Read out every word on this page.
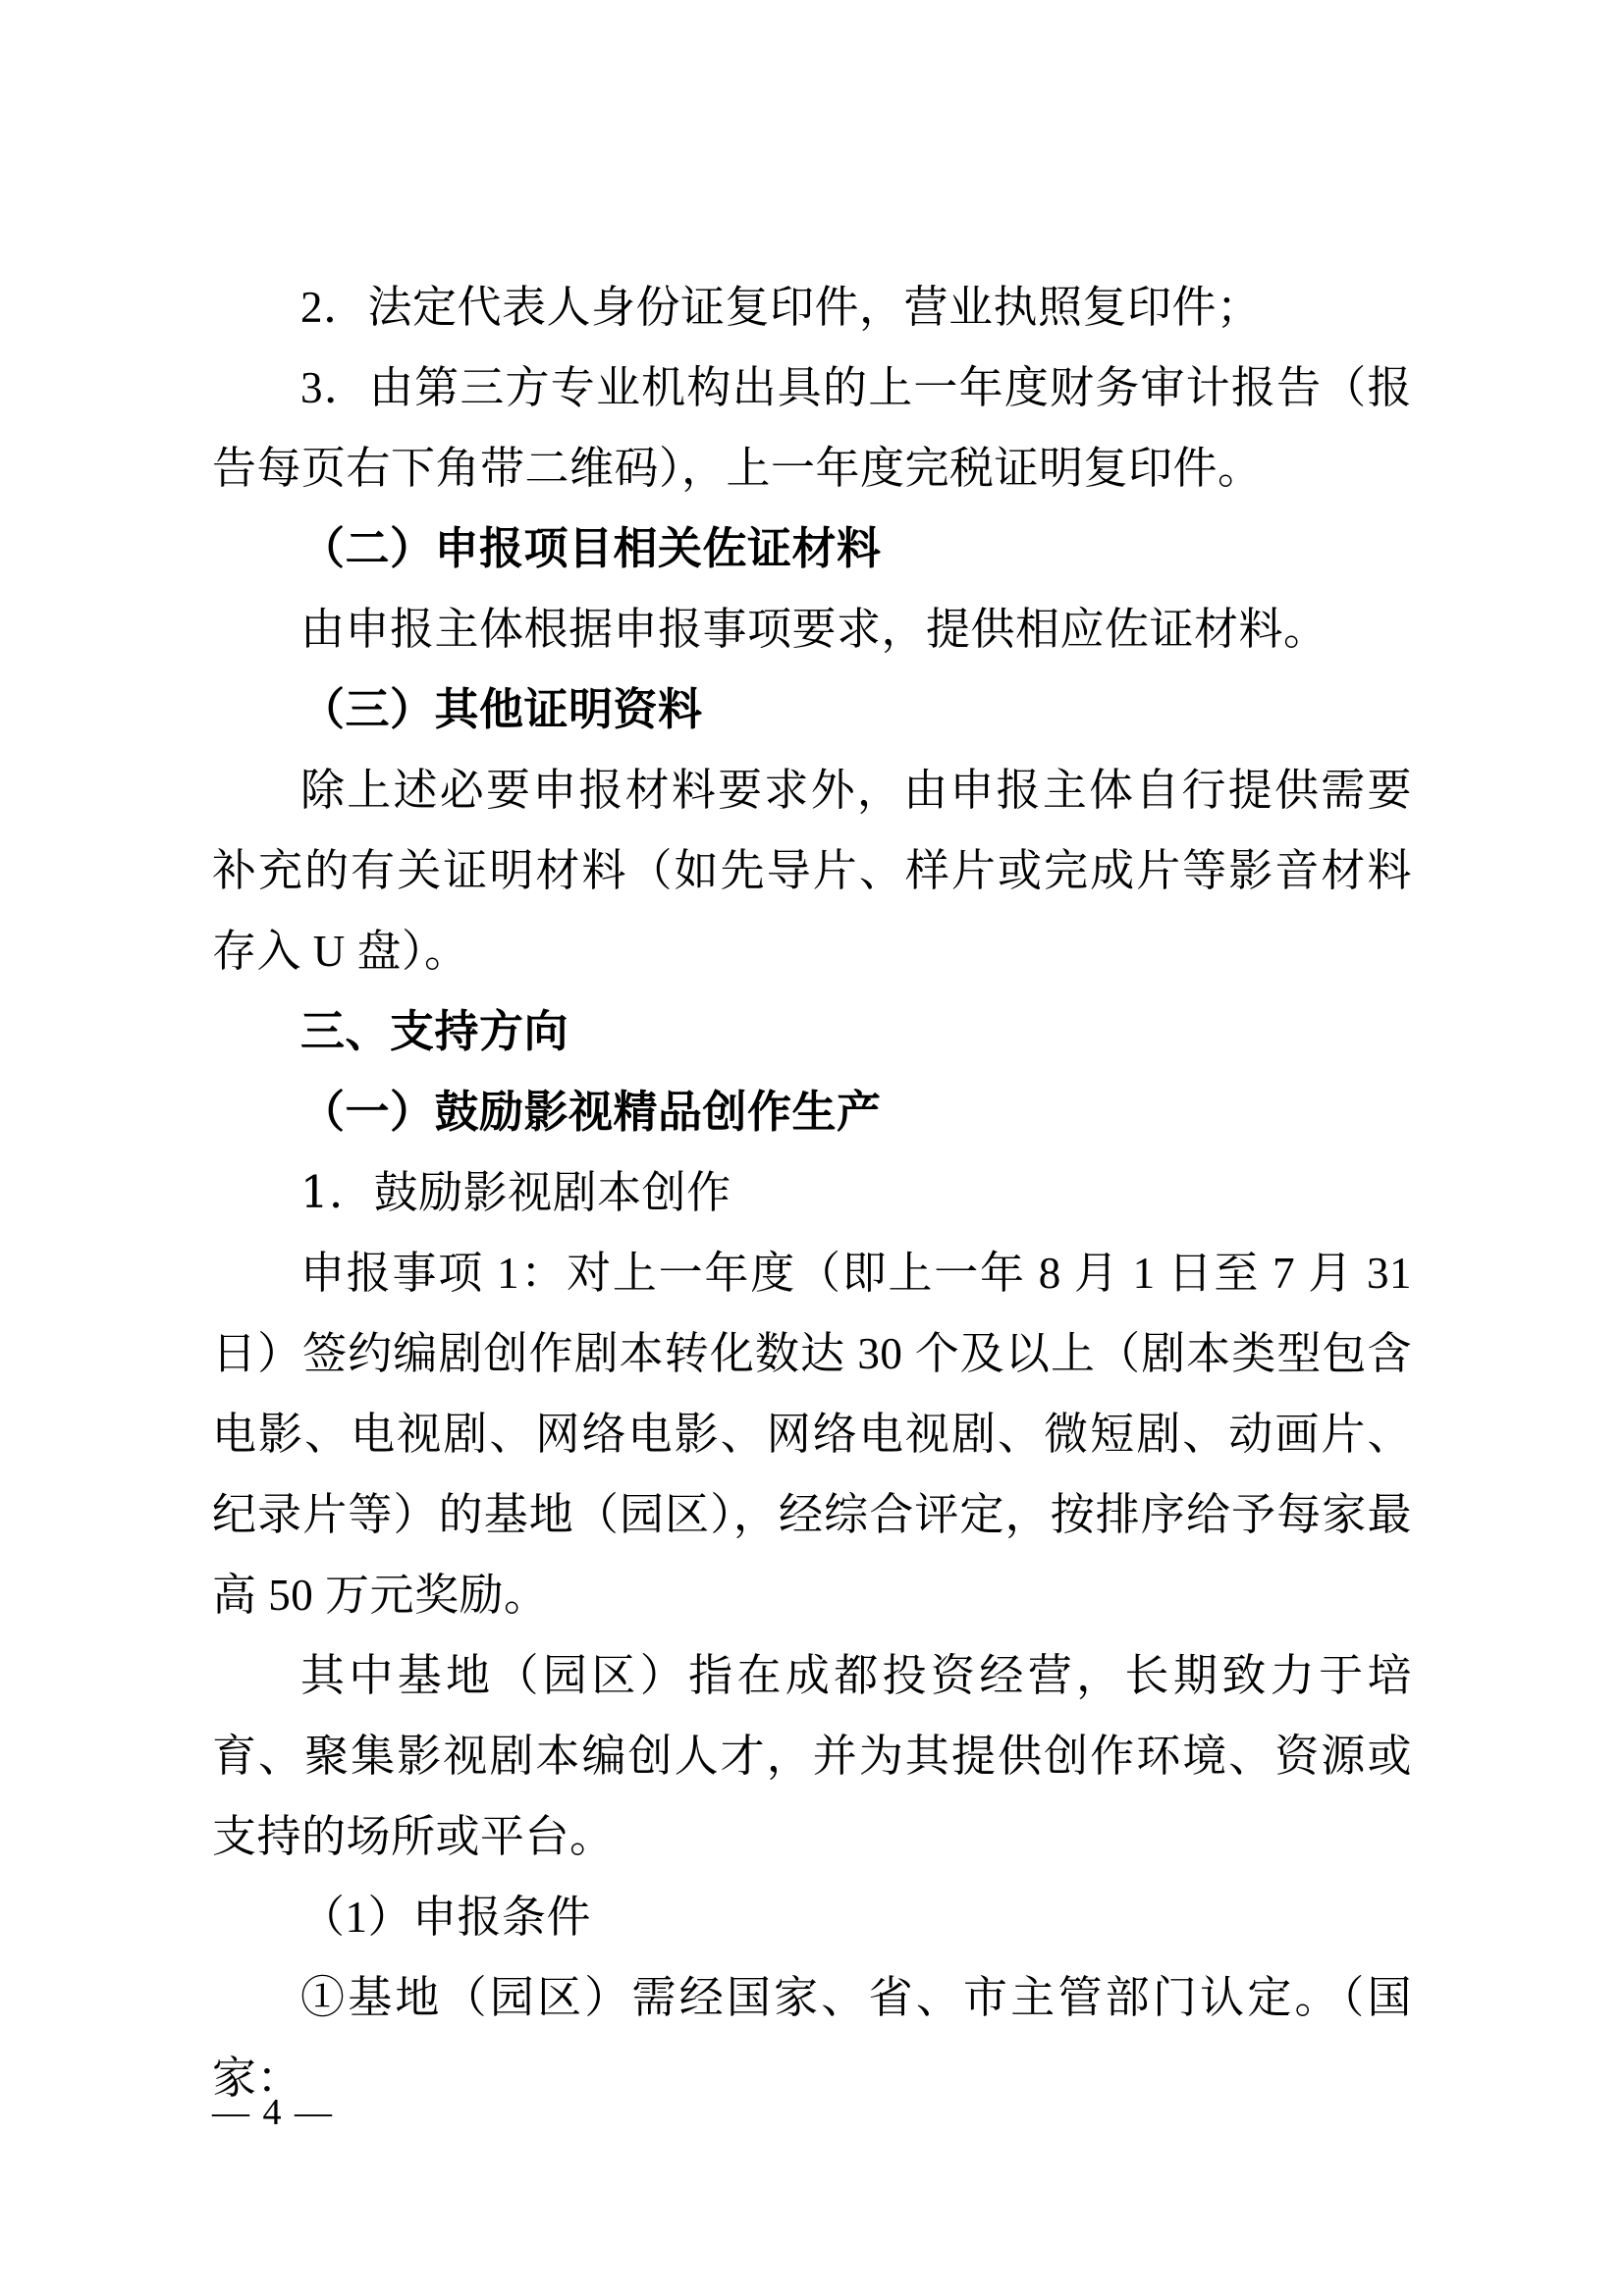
2．法定代表人身份证复印件，营业执照复印件；

3．由第三方专业机构出具的上一年度财务审计报告（报告每页右下角带二维码），上一年度完税证明复印件。

（二）申报项目相关佐证材料

由申报主体根据申报事项要求，提供相应佐证材料。

（三）其他证明资料

除上述必要申报材料要求外，由申报主体自行提供需要补充的有关证明材料（如先导片、样片或完成片等影音材料存入 U 盘）。

三、支持方向

（一）鼓励影视精品创作生产

1．鼓励影视剧本创作

申报事项 1：对上一年度（即上一年 8 月 1 日至 7 月 31 日）签约编剧创作剧本转化数达 30 个及以上（剧本类型包含电影、电视剧、网络电影、网络电视剧、微短剧、动画片、纪录片等）的基地（园区），经综合评定，按排序给予每家最高 50 万元奖励。

其中基地（园区）指在成都投资经营，长期致力于培育、聚集影视剧本编创人才，并为其提供创作环境、资源或支持的场所或平台。

（1）申报条件

①基地（园区）需经国家、省、市主管部门认定。（国家：

— 4 —
